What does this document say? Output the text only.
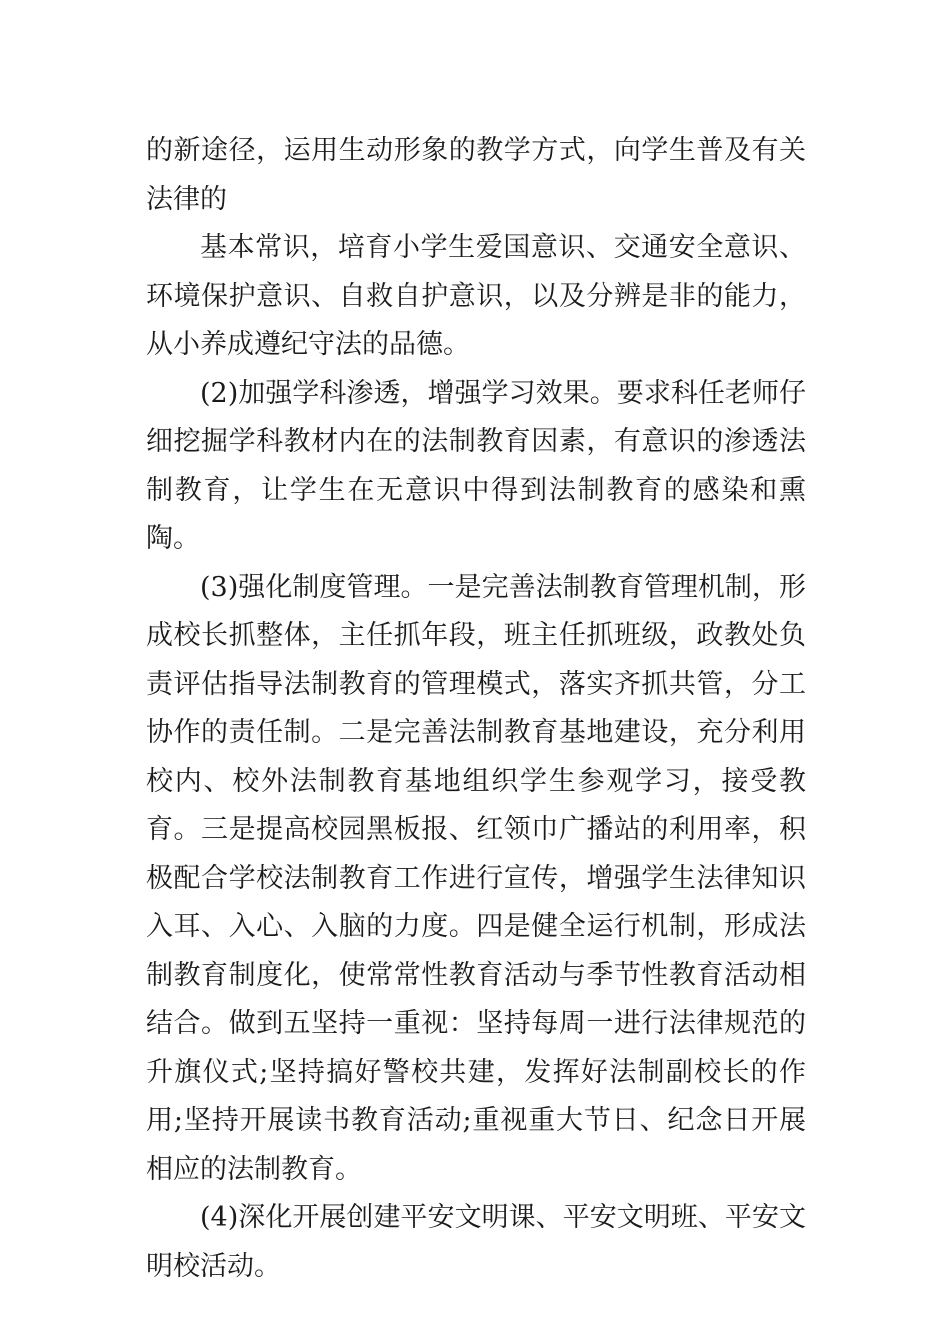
的新途径，运用生动形象的教学方式，向学生普及有关法律的

基本常识，培育小学生爱国意识、交通安全意识、环境保护意识、自救自护意识，以及分辨是非的能力，从小养成遵纪守法的品德。

(2)加强学科渗透，增强学习效果。要求科任老师仔细挖掘学科教材内在的法制教育因素，有意识的渗透法制教育，让学生在无意识中得到法制教育的感染和熏陶。

(3)强化制度管理。一是完善法制教育管理机制，形成校长抓整体，主任抓年段，班主任抓班级，政教处负责评估指导法制教育的管理模式，落实齐抓共管，分工协作的责任制。二是完善法制教育基地建设，充分利用校内、校外法制教育基地组织学生参观学习，接受教育。三是提高校园黑板报、红领巾广播站的利用率，积极配合学校法制教育工作进行宣传，增强学生法律知识入耳、入心、入脑的力度。四是健全运行机制，形成法制教育制度化，使常常性教育活动与季节性教育活动相结合。做到五坚持一重视：坚持每周一进行法律规范的升旗仪式;坚持搞好警校共建，发挥好法制副校长的作用;坚持开展读书教育活动;重视重大节日、纪念日开展相应的法制教育。

(4)深化开展创建平安文明课、平安文明班、平安文明校活动。
